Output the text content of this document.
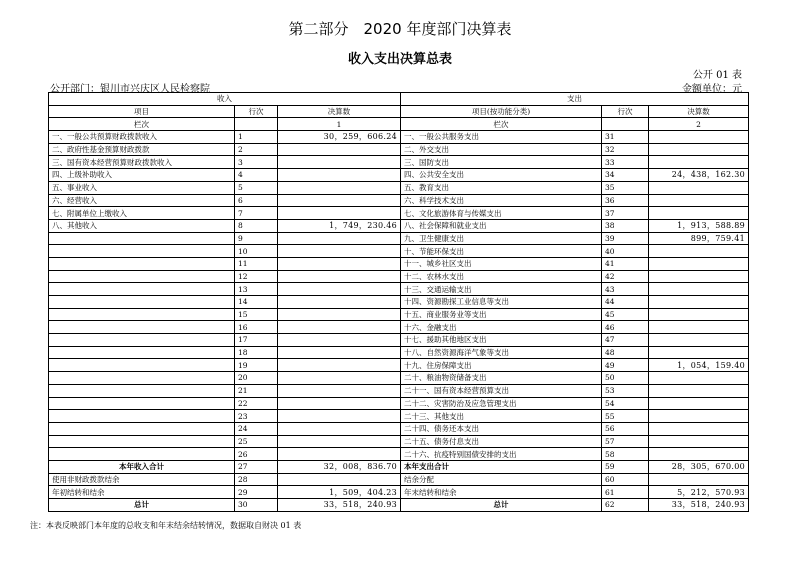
第二部分　2020 年度部门决算表
收入支出决算总表
公开 01 表
公开部门：银川市兴庆区人民检察院	金额单位：元
收入			支出		
项目	行次	决算数	项目(按功能分类)	行次	决算数
栏次		1	栏次		2
一、一般公共预算财政拨款收入	1	30，259，606.24	一、一般公共服务支出	31	
二、政府性基金预算财政拨款	2		二、外交支出	32	
三、国有资本经营预算财政拨款收入	3		三、国防支出	33	
四、上级补助收入	4		四、公共安全支出	34	24，438，162.30
五、事业收入	5		五、教育支出	35	
六、经营收入	6		六、科学技术支出	36	
七、附属单位上缴收入	7		七、文化旅游体育与传媒支出	37	
八、其他收入	8	1，749，230.46	八、社会保障和就业支出	38	1，913，588.89
	9		九、卫生健康支出	39	899，759.41
	10		十、节能环保支出	40	
	11		十一、城乡社区支出	41	
	12		十二、农林水支出	42	
	13		十三、交通运输支出	43	
	14		十四、资源勘探工业信息等支出	44	
	15		十五、商业服务业等支出	45	
	16		十六、金融支出	46	
	17		十七、援助其他地区支出	47	
	18		十八、自然资源海洋气象等支出	48	
	19		十九、住房保障支出	49	1，054，159.40
	20		二十、粮油物资储备支出	50	
	21		二十一、国有资本经营预算支出	53	
	22		二十二、灾害防治及应急管理支出	54	
	23		二十三、其他支出	55	
	24		二十四、债务还本支出	56	
	25		二十五、债务付息支出	57	
	26		二十六、抗疫特别国债安排的支出	58	
本年收入合计	27	32，008，836.70	本年支出合计	59	28，305，670.00
使用非财政拨款结余	28		结余分配	60	
年初结转和结余	29	1，509，404.23	年末结转和结余	61	5，212，570.93
总计	30	33，518，240.93	总计	62	33，518，240.93
注：本表反映部门本年度的总收支和年末结余结转情况，数据取自财决 01 表
